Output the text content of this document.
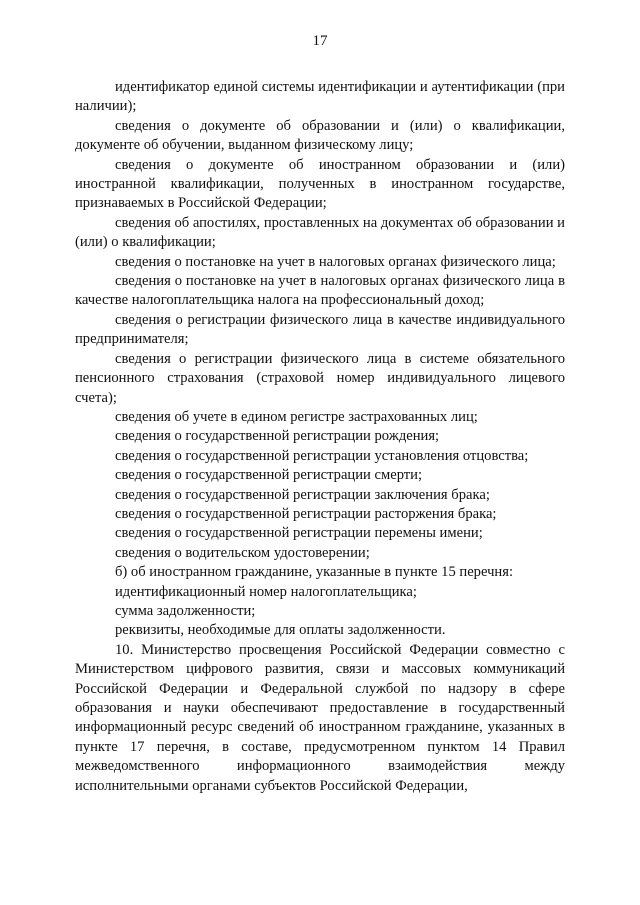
17

идентификатор единой системы идентификации и аутентификации (при наличии);

сведения о документе об образовании и (или) о квалификации, документе об обучении, выданном физическому лицу;

сведения о документе об иностранном образовании и (или) иностранной квалификации, полученных в иностранном государстве, признаваемых в Российской Федерации;

сведения об апостилях, проставленных на документах об образовании и (или) о квалификации;

сведения о постановке на учет в налоговых органах физического лица;

сведения о постановке на учет в налоговых органах физического лица в качестве налогоплательщика налога на профессиональный доход;

сведения о регистрации физического лица в качестве индивидуального предпринимателя;

сведения о регистрации физического лица в системе обязательного пенсионного страхования (страховой номер индивидуального лицевого счета);

сведения об учете в едином регистре застрахованных лиц;

сведения о государственной регистрации рождения;

сведения о государственной регистрации установления отцовства;

сведения о государственной регистрации смерти;

сведения о государственной регистрации заключения брака;

сведения о государственной регистрации расторжения брака;

сведения о государственной регистрации перемены имени;

сведения о водительском удостоверении;

б) об иностранном гражданине, указанные в пункте 15 перечня:

идентификационный номер налогоплательщика;

сумма задолженности;

реквизиты, необходимые для оплаты задолженности.

10. Министерство просвещения Российской Федерации совместно с Министерством цифрового развития, связи и массовых коммуникаций Российской Федерации и Федеральной службой по надзору в сфере образования и науки обеспечивают предоставление в государственный информационный ресурс сведений об иностранном гражданине, указанных в пункте 17 перечня, в составе, предусмотренном пунктом 14 Правил межведомственного информационного взаимодействия между исполнительными органами субъектов Российской Федерации,
